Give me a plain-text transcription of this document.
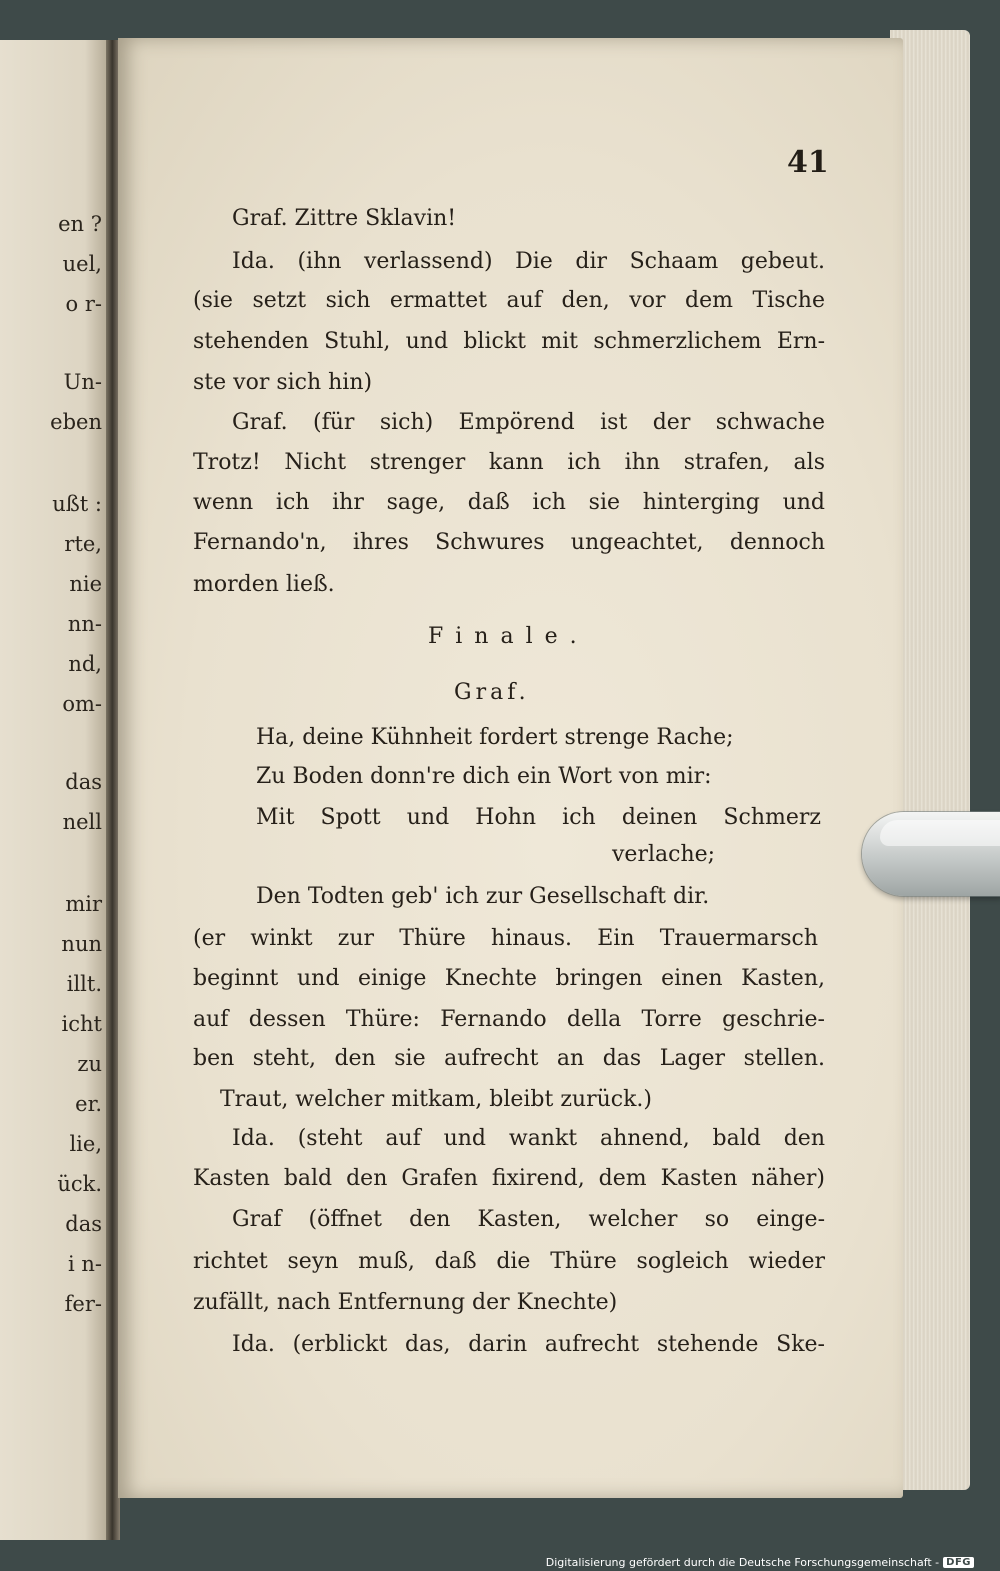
en ?
uel,
o r-
Un-
eben
ußt :
rte,
nie
nn-
nd,
om-
das
nell
mir
nun
illt.
icht
zu
er.
lie,
ück.
das
i n-
fer-
41
Graf. Zittre Sklavin!
Ida. (ihn verlassend) Die dir Schaam gebeut.
(sie setzt sich ermattet auf den, vor dem Tische
stehenden Stuhl, und blickt mit schmerzlichem Ern-
ste vor sich hin)
Graf. (für sich) Empörend ist der schwache
Trotz! Nicht strenger kann ich ihn strafen, als
wenn ich ihr sage, daß ich sie hinterging und
Fernando'n, ihres Schwures ungeachtet, dennoch
morden ließ.
Finale.
Graf.
Ha, deine Kühnheit fordert strenge Rache;
Zu Boden donn're dich ein Wort von mir:
Mit Spott und Hohn ich deinen Schmerz
verlache;
Den Todten geb' ich zur Gesellschaft dir.
(er winkt zur Thüre hinaus. Ein Trauermarsch
beginnt und einige Knechte bringen einen Kasten,
auf dessen Thüre: Fernando della Torre geschrie-
ben steht, den sie aufrecht an das Lager stellen.
Traut, welcher mitkam, bleibt zurück.)
Ida. (steht auf und wankt ahnend, bald den
Kasten bald den Grafen fixirend, dem Kasten näher)
Graf (öffnet den Kasten, welcher so einge-
richtet seyn muß, daß die Thüre sogleich wieder
zufällt, nach Entfernung der Knechte)
Ida. (erblickt das, darin aufrecht stehende Ske-
Digitalisierung gefördert durch die Deutsche Forschungsgemeinschaft - DFG
